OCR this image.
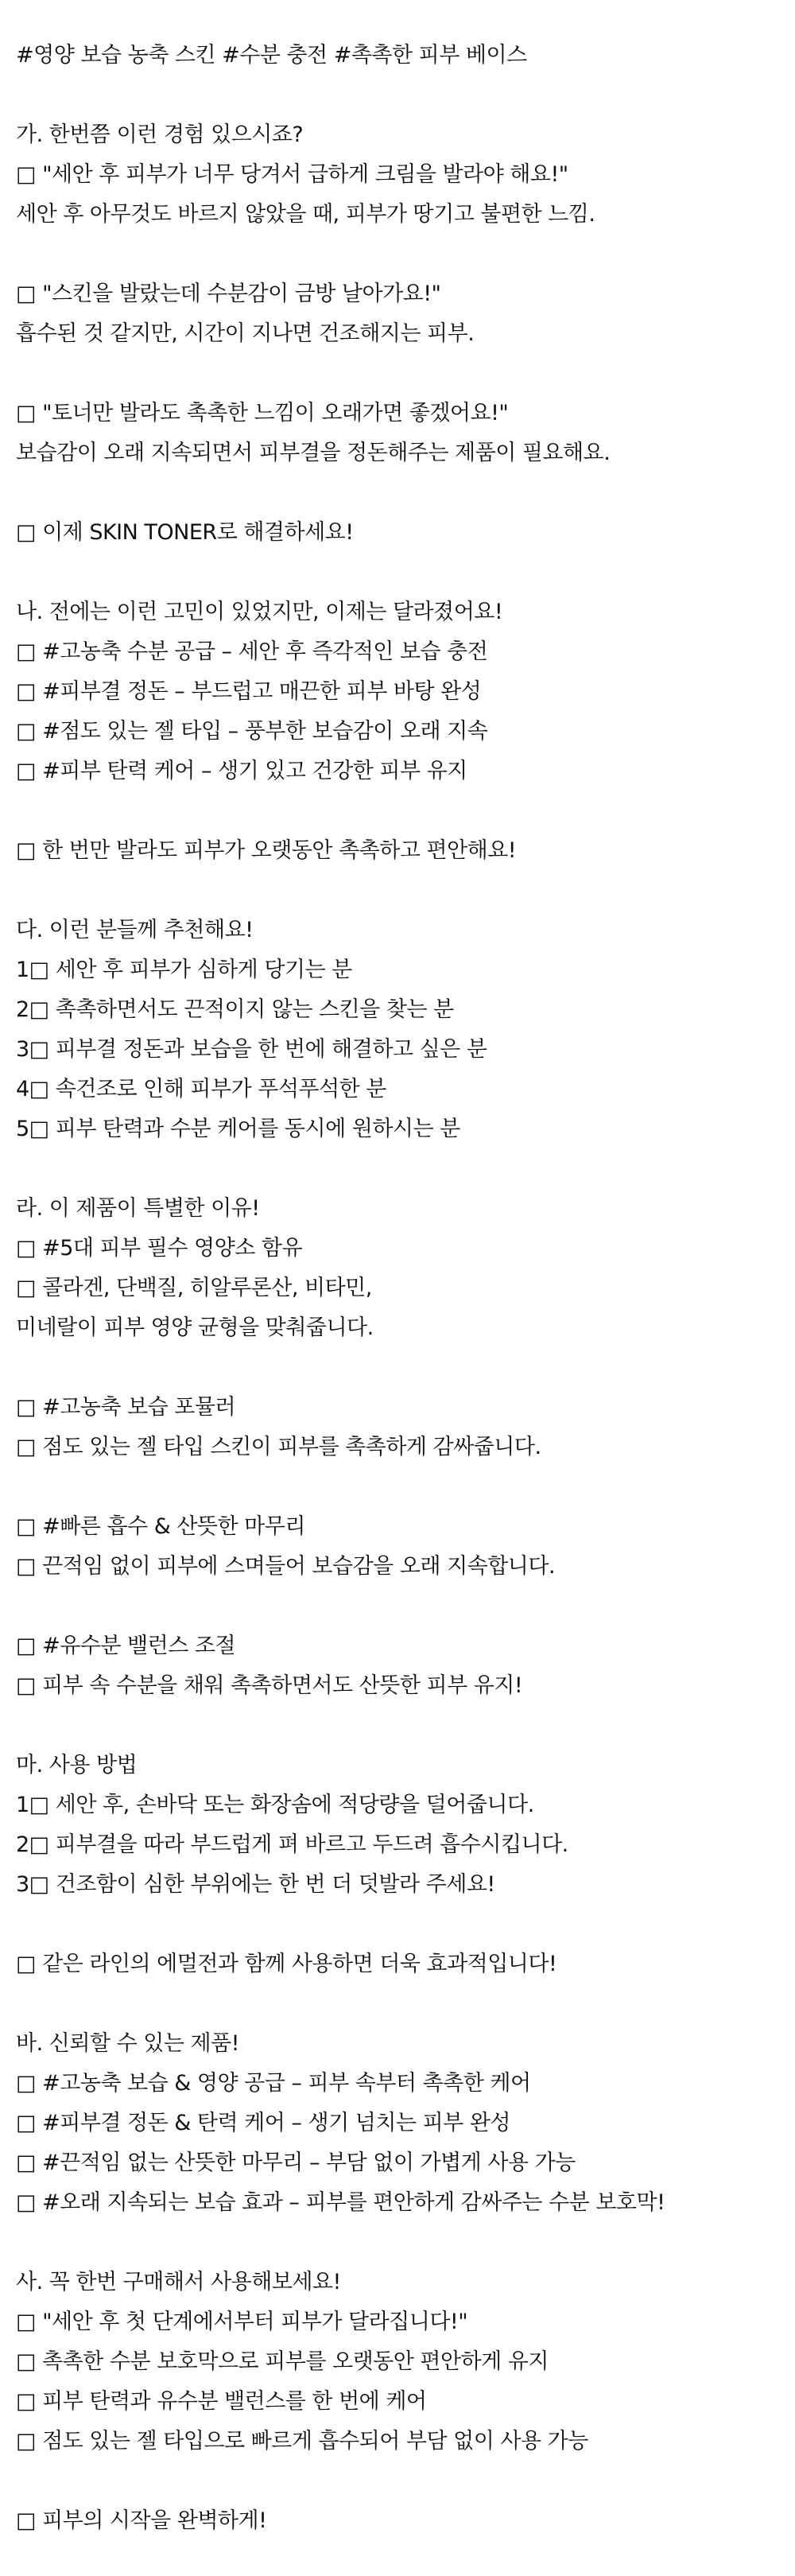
#영양 보습 농축 스킨 #수분 충전 #촉촉한 피부 베이스
가. 한번쯤 이런 경험 있으시죠?
□ "세안 후 피부가 너무 당겨서 급하게 크림을 발라야 해요!"
세안 후 아무것도 바르지 않았을 때, 피부가 땅기고 불편한 느낌.
□ "스킨을 발랐는데 수분감이 금방 날아가요!"
흡수된 것 같지만, 시간이 지나면 건조해지는 피부.
□ "토너만 발라도 촉촉한 느낌이 오래가면 좋겠어요!"
보습감이 오래 지속되면서 피부결을 정돈해주는 제품이 필요해요.
□ 이제 SKIN TONER로 해결하세요!
나. 전에는 이런 고민이 있었지만, 이제는 달라졌어요!
□ #고농축 수분 공급 – 세안 후 즉각적인 보습 충전
□ #피부결 정돈 – 부드럽고 매끈한 피부 바탕 완성
□ #점도 있는 젤 타입 – 풍부한 보습감이 오래 지속
□ #피부 탄력 케어 – 생기 있고 건강한 피부 유지
□ 한 번만 발라도 피부가 오랫동안 촉촉하고 편안해요!
다. 이런 분들께 추천해요!
1□ 세안 후 피부가 심하게 당기는 분
2□ 촉촉하면서도 끈적이지 않는 스킨을 찾는 분
3□ 피부결 정돈과 보습을 한 번에 해결하고 싶은 분
4□ 속건조로 인해 피부가 푸석푸석한 분
5□ 피부 탄력과 수분 케어를 동시에 원하시는 분
라. 이 제품이 특별한 이유!
□ #5대 피부 필수 영양소 함유
□ 콜라겐, 단백질, 히알루론산, 비타민,
미네랄이 피부 영양 균형을 맞춰줍니다.
□ #고농축 보습 포뮬러
□ 점도 있는 젤 타입 스킨이 피부를 촉촉하게 감싸줍니다.
□ #빠른 흡수 & 산뜻한 마무리
□ 끈적임 없이 피부에 스며들어 보습감을 오래 지속합니다.
□ #유수분 밸런스 조절
□ 피부 속 수분을 채워 촉촉하면서도 산뜻한 피부 유지!
마. 사용 방법
1□ 세안 후, 손바닥 또는 화장솜에 적당량을 덜어줍니다.
2□ 피부결을 따라 부드럽게 펴 바르고 두드려 흡수시킵니다.
3□ 건조함이 심한 부위에는 한 번 더 덧발라 주세요!
□ 같은 라인의 에멀전과 함께 사용하면 더욱 효과적입니다!
바. 신뢰할 수 있는 제품!
□ #고농축 보습 & 영양 공급 – 피부 속부터 촉촉한 케어
□ #피부결 정돈 & 탄력 케어 – 생기 넘치는 피부 완성
□ #끈적임 없는 산뜻한 마무리 – 부담 없이 가볍게 사용 가능
□ #오래 지속되는 보습 효과 – 피부를 편안하게 감싸주는 수분 보호막!
사. 꼭 한번 구매해서 사용해보세요!
□ "세안 후 첫 단계에서부터 피부가 달라집니다!"
□ 촉촉한 수분 보호막으로 피부를 오랫동안 편안하게 유지
□ 피부 탄력과 유수분 밸런스를 한 번에 케어
□ 점도 있는 젤 타입으로 빠르게 흡수되어 부담 없이 사용 가능
□ 피부의 시작을 완벽하게!
